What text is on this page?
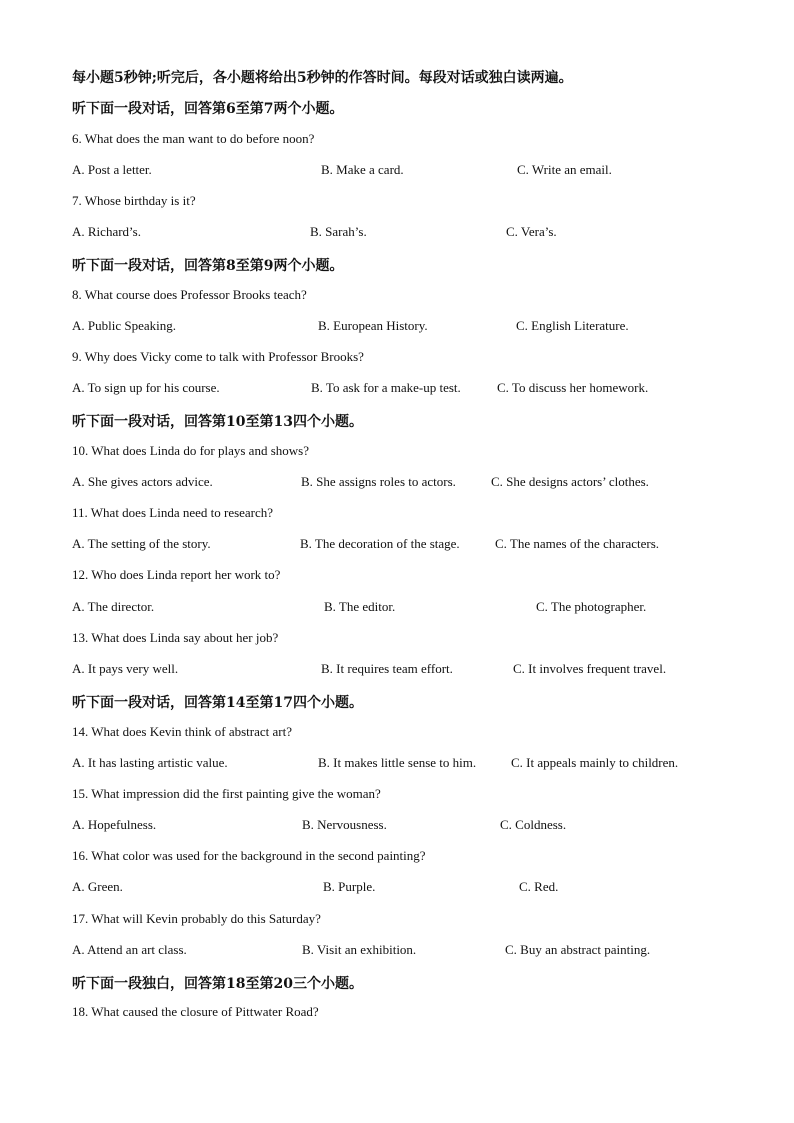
每小题5秒钟;听完后，各小题将给出5秒钟的作答时间。每段对话或独白读两遍。
听下面一段对话，回答第6至第7两个小题。
6. What does the man want to do before noon?
A. Post a letter.	B. Make a card.	C. Write an email.
7. Whose birthday is it?
A. Richard’s.	B. Sarah’s.	C. Vera’s.
听下面一段对话，回答第8至第9两个小题。
8. What course does Professor Brooks teach?
A. Public Speaking.	B. European History.	C. English Literature.
9. Why does Vicky come to talk with Professor Brooks?
A. To sign up for his course.	B. To ask for a make-up test.	C. To discuss her homework.
听下面一段对话，回答第10至第13四个小题。
10. What does Linda do for plays and shows?
A. She gives actors advice.	B. She assigns roles to actors.	C. She designs actors’ clothes.
11. What does Linda need to research?
A. The setting of the story.	B. The decoration of the stage.	C. The names of the characters.
12. Who does Linda report her work to?
A. The director.	B. The editor.	C. The photographer.
13. What does Linda say about her job?
A. It pays very well.	B. It requires team effort.	C. It involves frequent travel.
听下面一段对话，回答第14至第17四个小题。
14. What does Kevin think of abstract art?
A. It has lasting artistic value.	B. It makes little sense to him.	C. It appeals mainly to children.
15. What impression did the first painting give the woman?
A. Hopefulness.	B. Nervousness.	C. Coldness.
16. What color was used for the background in the second painting?
A. Green.	B. Purple.	C. Red.
17. What will Kevin probably do this Saturday?
A. Attend an art class.	B. Visit an exhibition.	C. Buy an abstract painting.
听下面一段独白，回答第18至第20三个小题。
18. What caused the closure of Pittwater Road?
